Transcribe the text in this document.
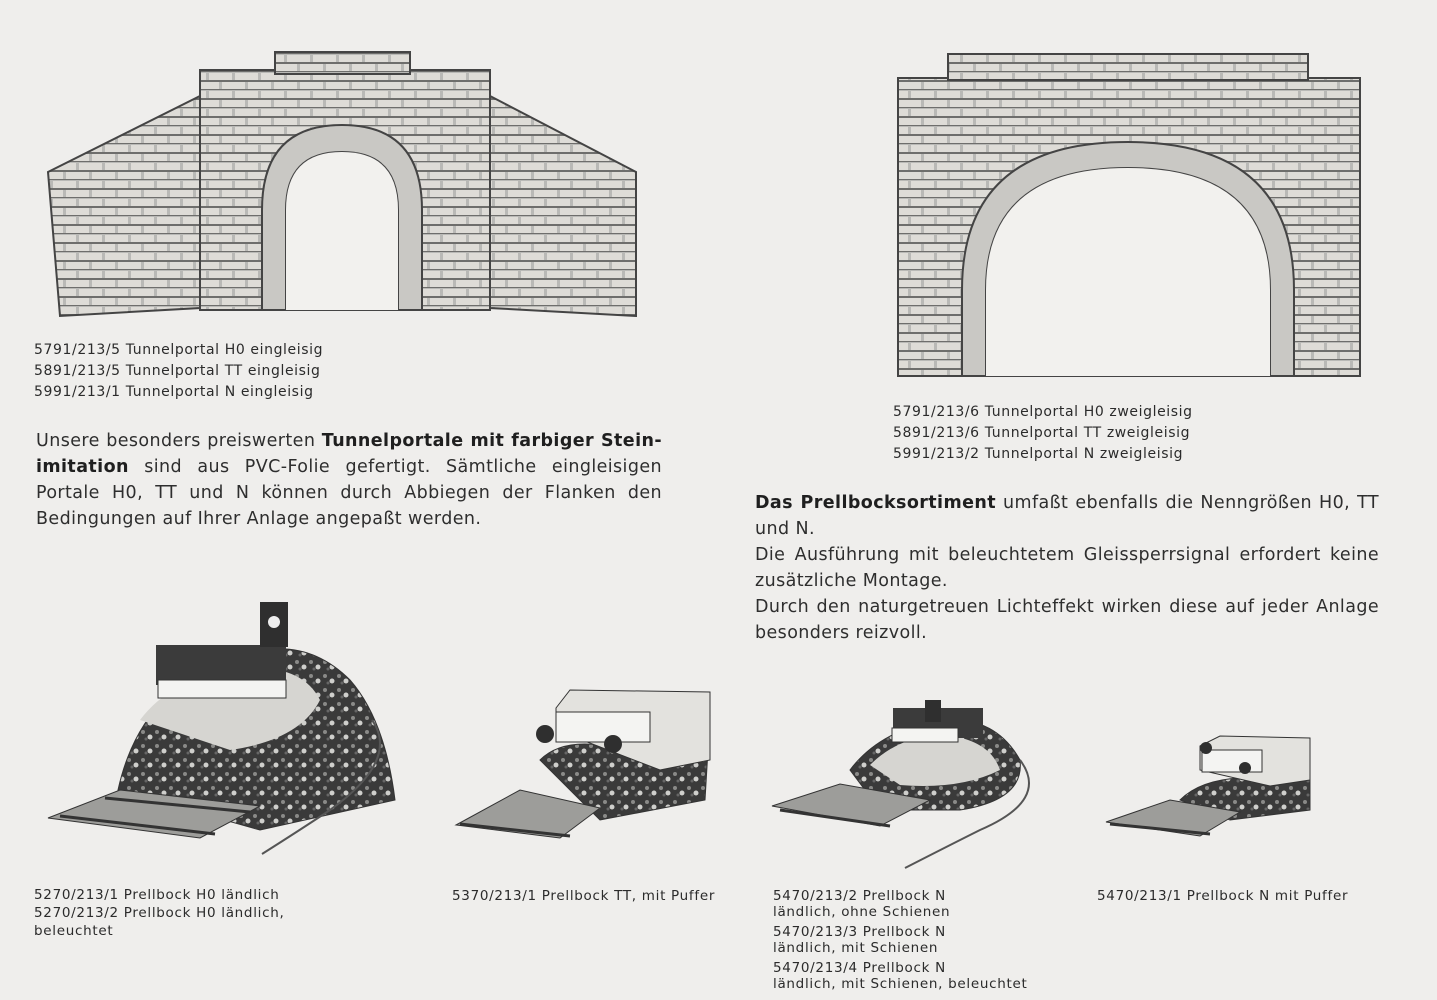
5791/213/5 Tunnelportal H0 eingleisig
5891/213/5 Tunnelportal TT eingleisig
5991/213/1 Tunnelportal N eingleisig
Unsere besonders preiswerten Tunnelportale mit farbiger Stein-imitation sind aus PVC-Folie gefertigt. Sämtliche eingleisigen Portale H0, TT und N können durch Abbiegen der Flanken den Bedingungen auf Ihrer Anlage angepaßt werden.
5791/213/6 Tunnelportal H0 zweigleisig
5891/213/6 Tunnelportal TT zweigleisig
5991/213/2 Tunnelportal N zweigleisig
Das Prellbocksortiment umfaßt ebenfalls die Nenngrößen H0, TT und N.
Die Ausführung mit beleuchtetem Gleissperrsignal erfordert keine zusätzliche Montage.
Durch den naturgetreuen Lichteffekt wirken diese auf jeder Anlage besonders reizvoll.
5270/213/1 Prellbock H0 ländlich
5270/213/2 Prellbock H0 ländlich,
beleuchtet
5370/213/1 Prellbock TT, mit Puffer	5470/213/2 Prellbock N
ländlich, ohne Schienen
5470/213/3 Prellbock N
ländlich, mit Schienen
5470/213/4 Prellbock N
ländlich, mit Schienen, beleuchtet
5470/213/1 Prellbock N mit Puffer
